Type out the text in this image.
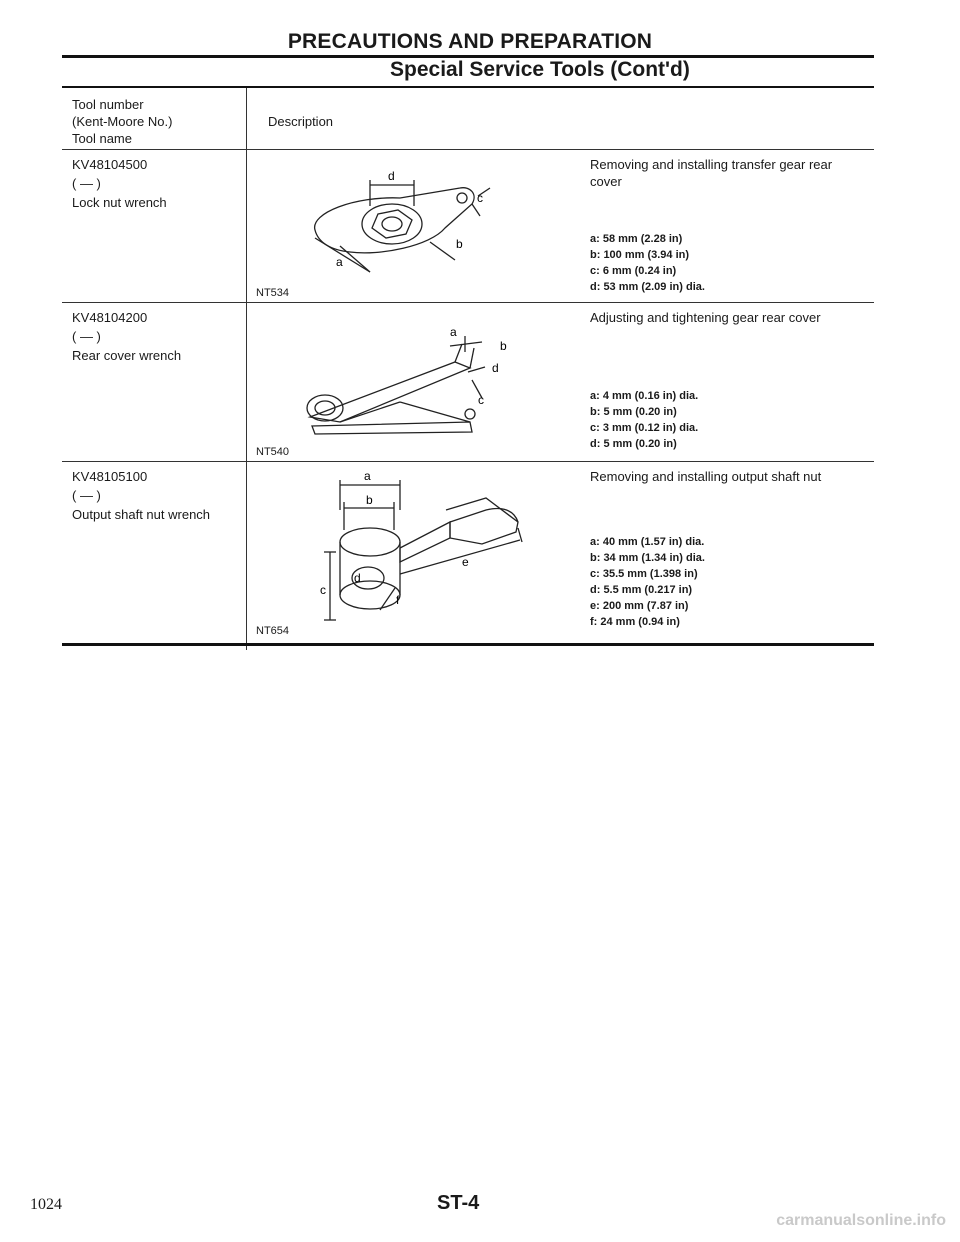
PRECAUTIONS AND PREPARATION
Special Service Tools (Cont'd)
Tool number
(Kent-Moore No.)
Tool name
Description
KV48104500
( — )
Lock nut wrench
d
a
b
c
NT534
Removing and installing transfer gear rear cover
a: 58 mm (2.28 in)
b: 100 mm (3.94 in)
c: 6 mm (0.24 in)
d: 53 mm (2.09 in) dia.
KV48104200
( — )
Rear cover wrench
a
b
c
d
NT540
Adjusting and tightening gear rear cover
a: 4 mm (0.16 in) dia.
b: 5 mm (0.20 in)
c: 3 mm (0.12 in) dia.
d: 5 mm (0.20 in)
KV48105100
( — )
Output shaft nut wrench
a
b
c
d
e
f
NT654
Removing and installing output shaft nut
a: 40 mm (1.57 in) dia.
b: 34 mm (1.34 in) dia.
c: 35.5 mm (1.398 in)
d: 5.5 mm (0.217 in)
e: 200 mm (7.87 in)
f: 24 mm (0.94 in)
1024	ST-4
carmanualsonline.info
